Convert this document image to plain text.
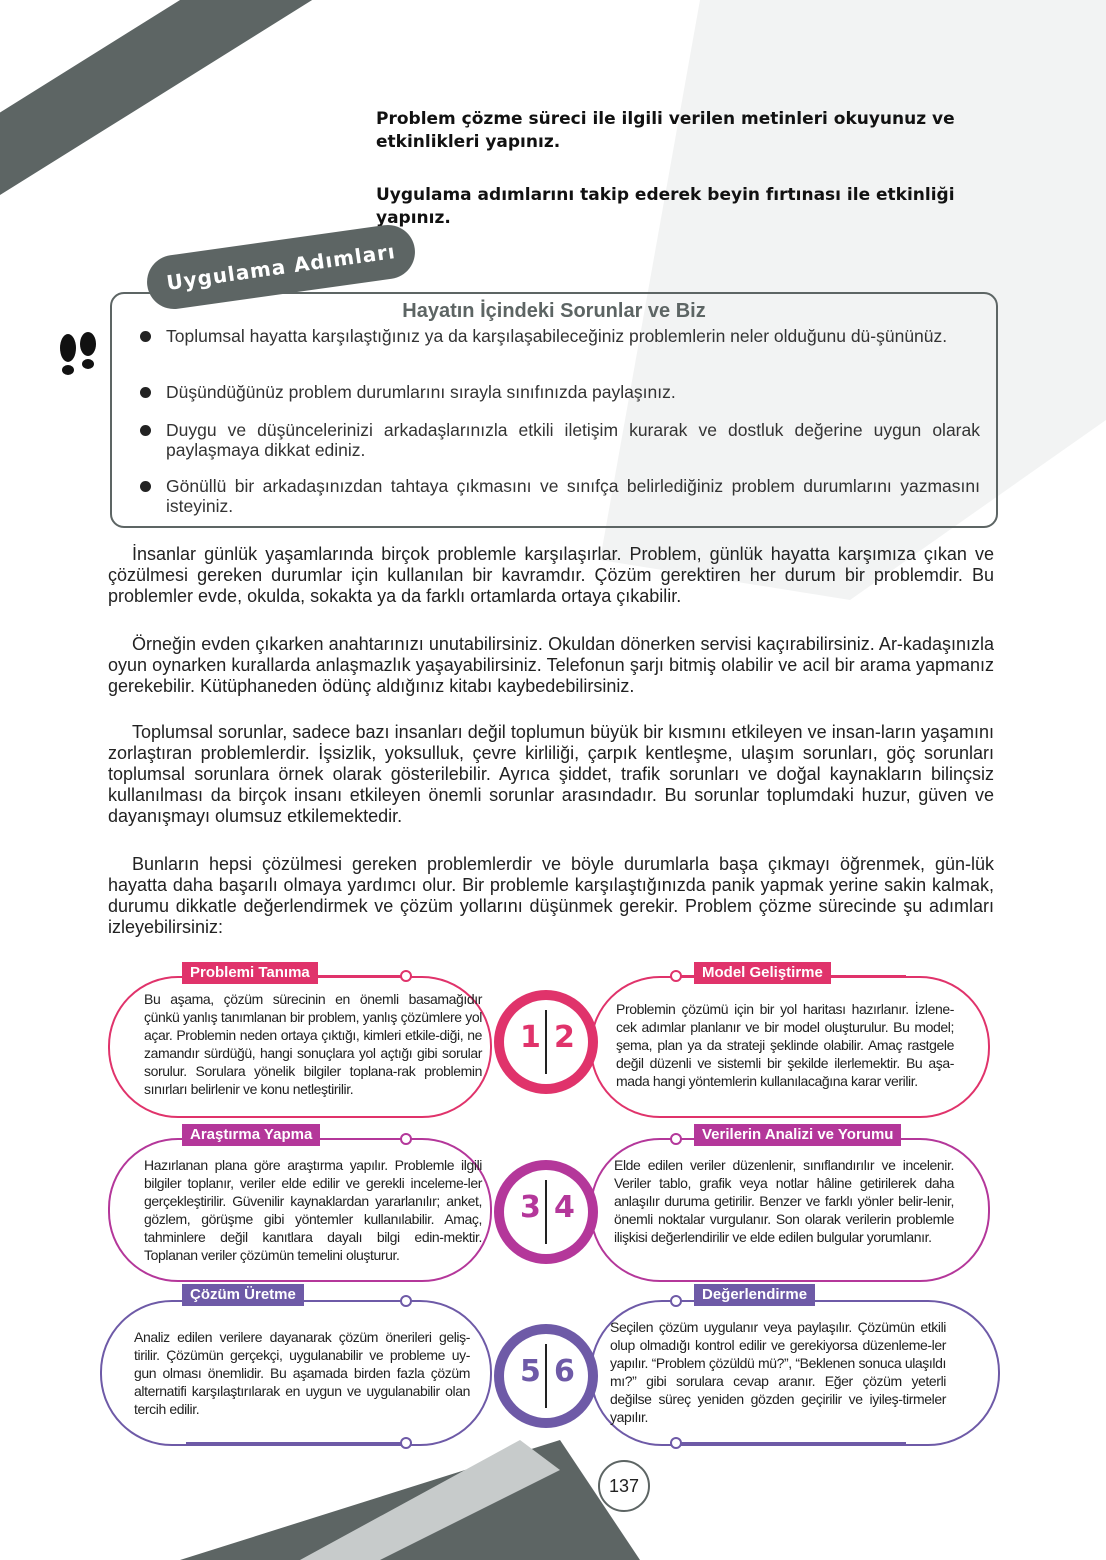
ÖĞRENELİM	Problem çözme süreci ile ilgili verilen metinleri okuyunuz ve etkinlikleri yapınız.
Uygulama adımlarını takip ederek beyin fırtınası ile etkinliği yapınız.
Uygulama Adımları
Hayatın İçindeki Sorunlar ve Biz
Toplumsal hayatta karşılaştığınız ya da karşılaşabileceğiniz problemlerin neler olduğunu dü-şününüz.
Düşündüğünüz problem durumlarını sırayla sınıfınızda paylaşınız.
Duygu ve düşüncelerinizi arkadaşlarınızla etkili iletişim kurarak ve dostluk değerine uygun olarak paylaşmaya dikkat ediniz.
Gönüllü bir arkadaşınızdan tahtaya çıkmasını ve sınıfça belirlediğiniz problem durumlarını yazmasını isteyiniz.
İnsanlar günlük yaşamlarında birçok problemle karşılaşırlar. Problem, günlük hayatta karşımıza çıkan ve çözülmesi gereken durumlar için kullanılan bir kavramdır. Çözüm gerektiren her durum bir problemdir. Bu problemler evde, okulda, sokakta ya da farklı ortamlarda ortaya çıkabilir.
Örneğin evden çıkarken anahtarınızı unutabilirsiniz. Okuldan dönerken servisi kaçırabilirsiniz. Ar-kadaşınızla oyun oynarken kurallarda anlaşmazlık yaşayabilirsiniz. Telefonun şarjı bitmiş olabilir ve acil bir arama yapmanız gerekebilir. Kütüphaneden ödünç aldığınız kitabı kaybedebilirsiniz.
Toplumsal sorunlar, sadece bazı insanları değil toplumun büyük bir kısmını etkileyen ve insan-ların yaşamını zorlaştıran problemlerdir. İşsizlik, yoksulluk, çevre kirliliği, çarpık kentleşme, ulaşım sorunları, göç sorunları toplumsal sorunlara örnek olarak gösterilebilir. Ayrıca şiddet, trafik sorunları ve doğal kaynakların bilinçsiz kullanılması da birçok insanı etkileyen önemli sorunlar arasındadır. Bu sorunlar toplumdaki huzur, güven ve dayanışmayı olumsuz etkilemektedir.
Bunların hepsi çözülmesi gereken problemlerdir ve böyle durumlarla başa çıkmayı öğrenmek, gün-lük hayatta daha başarılı olmaya yardımcı olur. Bir problemle karşılaştığınızda panik yapmak yerine sakin kalmak, durumu dikkatle değerlendirmek ve çözüm yollarını düşünmek gerekir. Problem çözme sürecinde şu adımları izleyebilirsiniz:
Problemi Tanıma	Model Geliştirme
Bu aşama, çözüm sürecinin en önemli basamağıdır çünkü yanlış tanımlanan bir problem, yanlış çözümlere yol açar. Problemin neden ortaya çıktığı, kimleri etkile-diği, ne zamandır sürdüğü, hangi sonuçlara yol açtığı gibi sorular sorulur. Sorulara yönelik bilgiler toplana-rak problemin sınırları belirlenir ve konu netleştirilir.
Problemin çözümü için bir yol haritası hazırlanır. İzlene-cek adımlar planlanır ve bir model oluşturulur. Bu model; şema, plan ya da strateji şeklinde olabilir. Amaç rastgele değil düzenli ve sistemli bir şekilde ilerlemektir. Bu aşa-mada hangi yöntemlerin kullanılacağına karar verilir.
1 2
Araştırma Yapma	Verilerin Analizi ve Yorumu
Hazırlanan plana göre araştırma yapılır. Problemle ilgili bilgiler toplanır, veriler elde edilir ve gerekli inceleme-ler gerçekleştirilir. Güvenilir kaynaklardan yararlanılır; anket, gözlem, görüşme gibi yöntemler kullanılabilir. Amaç, tahminlere değil kanıtlara dayalı bilgi edin-mektir. Toplanan veriler çözümün temelini oluşturur.
Elde edilen veriler düzenlenir, sınıflandırılır ve incelenir. Veriler tablo, grafik veya notlar hâline getirilerek daha anlaşılır duruma getirilir. Benzer ve farklı yönler belir-lenir, önemli noktalar vurgulanır. Son olarak verilerin problemle ilişkisi değerlendirilir ve elde edilen bulgular yorumlanır.
3 4
Çözüm Üretme	Değerlendirme
Analiz edilen verilere dayanarak çözüm önerileri geliş-tirilir. Çözümün gerçekçi, uygulanabilir ve probleme uy-gun olması önemlidir. Bu aşamada birden fazla çözüm alternatifi karşılaştırılarak en uygun ve uygulanabilir olan tercih edilir.
Seçilen çözüm uygulanır veya paylaşılır. Çözümün etkili olup olmadığı kontrol edilir ve gerekiyorsa düzenleme-ler yapılır. “Problem çözüldü mü?”, “Beklenen sonuca ulaşıldı mı?” gibi sorulara cevap aranır. Eğer çözüm yeterli değilse süreç yeniden gözden geçirilir ve iyileş-tirmeler yapılır.
5 6
137
